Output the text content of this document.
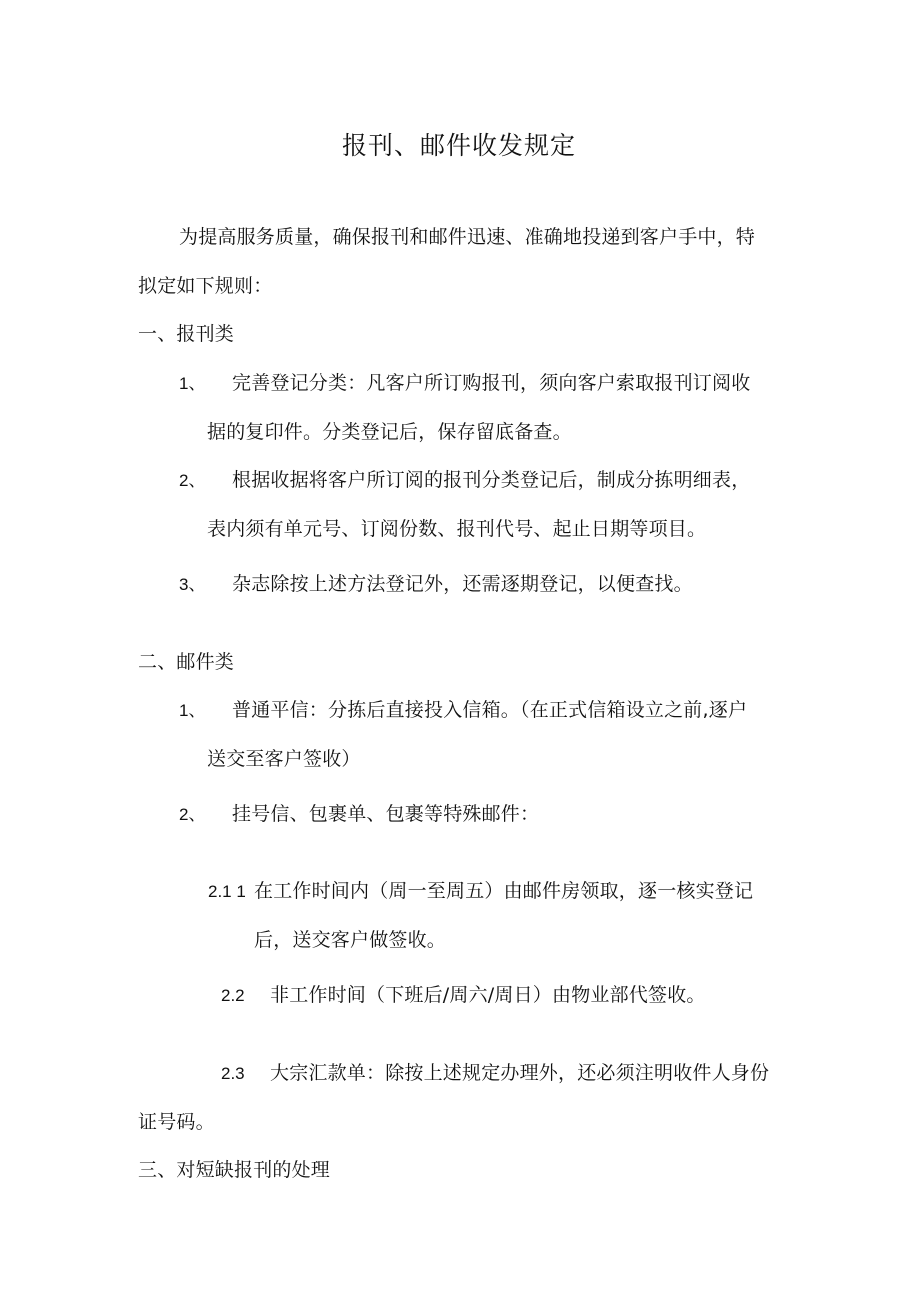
报刊、邮件收发规定
为提高服务质量，确保报刊和邮件迅速、准确地投递到客户手中，特
拟定如下规则：
一、报刊类
1、 完善登记分类：凡客户所订购报刊，须向客户索取报刊订阅收
据的复印件。分类登记后，保存留底备查。
2、 根据收据将客户所订阅的报刊分类登记后，制成分拣明细表，
表内须有单元号、订阅份数、报刊代号、起止日期等项目。
3、 杂志除按上述方法登记外，还需逐期登记，以便查找。
二、邮件类
1、 普通平信：分拣后直接投入信箱。（在正式信箱设立之前,逐户
送交至客户签收）
2、 挂号信、包裹单、包裹等特殊邮件：
2.1 1 在工作时间内（周一至周五）由邮件房领取，逐一核实登记
后，送交客户做签收。
2.2 非工作时间（下班后/周六/周日）由物业部代签收。
2.3 大宗汇款单：除按上述规定办理外，还必须注明收件人身份
证号码。
三、对短缺报刊的处理
